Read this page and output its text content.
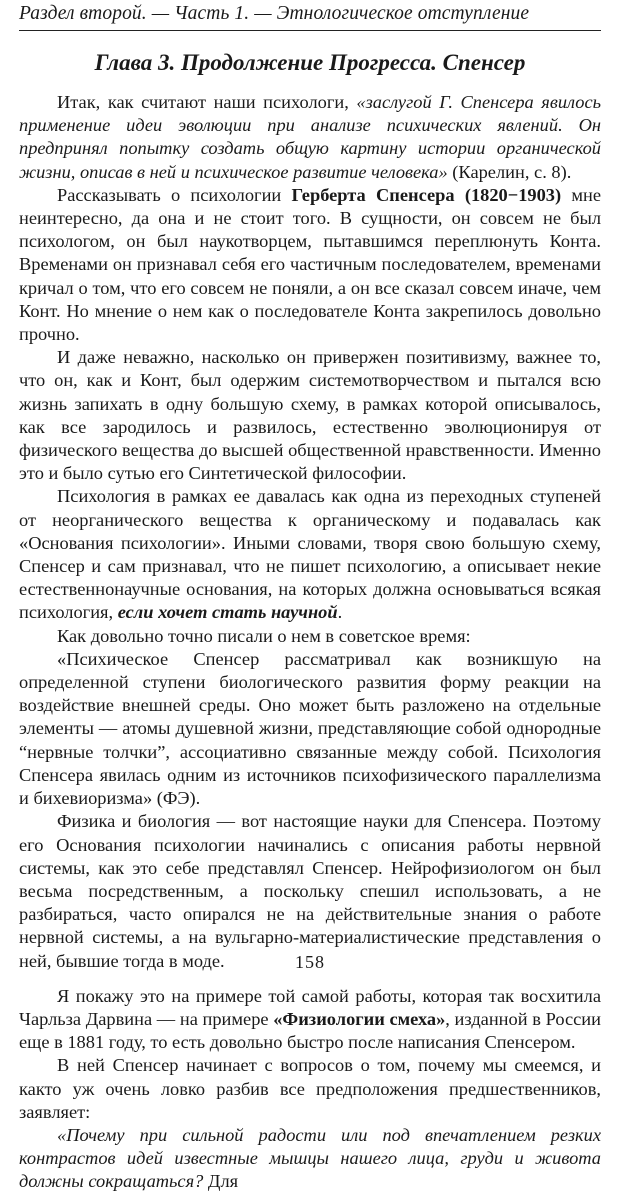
Раздел второй. — Часть 1. — Этнологическое отступление
Глава 3. Продолжение Прогресса. Спенсер

Итак, как считают наши психологи, «заслугой Г. Спенсера явилось применение идеи эволюции при анализе психических явлений. Он предпринял попытку создать общую картину истории органической жизни, описав в ней и психическое развитие человека» (Карелин, с. 8).

Рассказывать о психологии Герберта Спенсера (1820−1903) мне неинтересно, да она и не стоит того. В сущности, он совсем не был психологом, он был наукотворцем, пытавшимся переплюнуть Конта. Временами он признавал себя его частичным последователем, временами кричал о том, что его совсем не поняли, а он все сказал совсем иначе, чем Конт. Но мнение о нем как о последователе Конта закрепилось довольно прочно.

И даже неважно, насколько он привержен позитивизму, важнее то, что он, как и Конт, был одержим системотворчеством и пытался всю жизнь запихать в одну большую схему, в рамках которой описывалось, как все зародилось и развилось, естественно эволюционируя от физического вещества до высшей общественной нравственности. Именно это и было сутью его Синтетической философии.

Психология в рамках ее давалась как одна из переходных ступеней от неорганического вещества к органическому и подавалась как «Основания психологии». Иными словами, творя свою большую схему, Спенсер и сам признавал, что не пишет психологию, а описывает некие естественнонаучные основания, на которых должна основываться всякая психология, если хочет стать научной.

Как довольно точно писали о нем в советское время:

«Психическое Спенсер рассматривал как возникшую на определенной ступени биологического развития форму реакции на воздействие внешней среды. Оно может быть разложено на отдельные элементы — атомы душевной жизни, представляющие собой однородные “нервные толчки”, ассоциативно связанные между собой. Психология Спенсера явилась одним из источников психофизического параллелизма и бихевиоризма» (ФЭ).

Физика и биология — вот настоящие науки для Спенсера. Поэтому его Основания психологии начинались с описания работы нервной системы, как это себе представлял Спенсер. Нейрофизиологом он был весьма посредственным, а поскольку спешил использовать, а не разбираться, часто опирался не на действительные знания о работе нервной системы, а на вульгарно-материалистические представления о ней, бывшие тогда в моде.

Я покажу это на примере той самой работы, которая так восхитила Чарльза Дарвина — на примере «Физиологии смеха», изданной в России еще в 1881 году, то есть довольно быстро после написания Спенсером.

В ней Спенсер начинает с вопросов о том, почему мы смеемся, и както уж очень ловко разбив все предположения предшественников, заявляет:

«Почему при сильной радости или под впечатлением резких контрастов идей известные мышцы нашего лица, груди и живота должны сокращаться? Для

158
